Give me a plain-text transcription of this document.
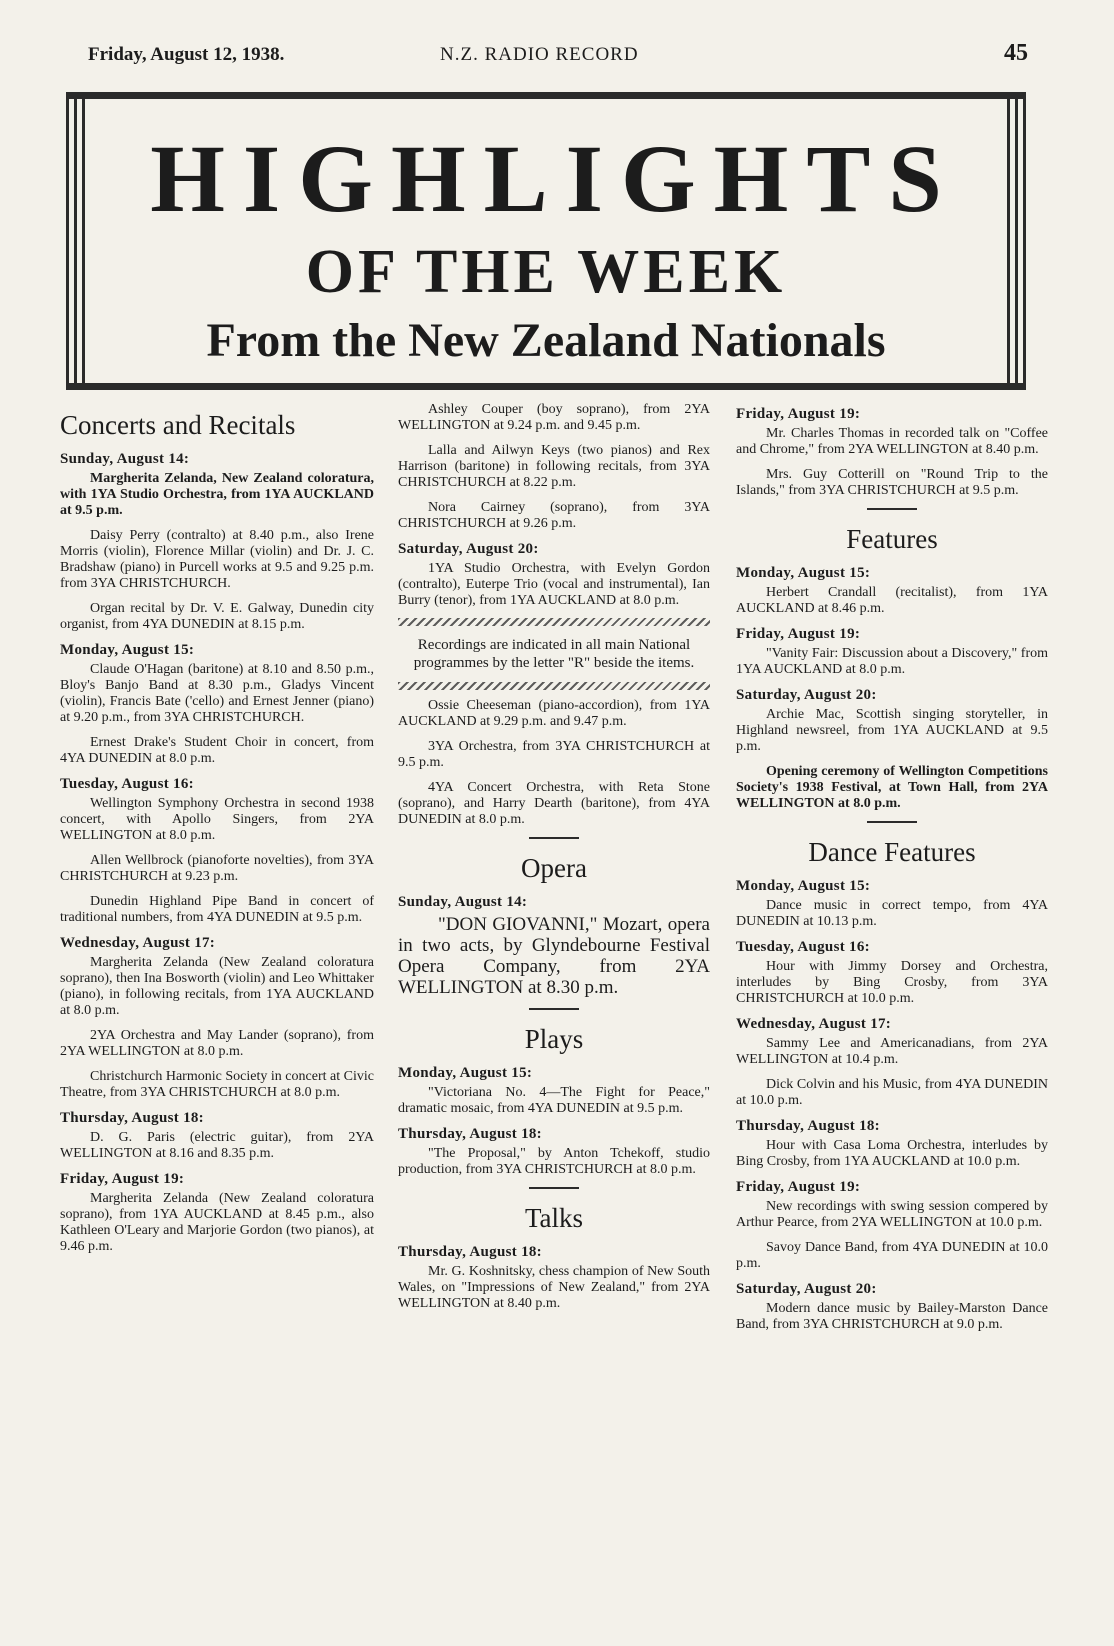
Friday, August 12, 1938.	N.Z. RADIO RECORD	45
HIGHLIGHTS
OF THE WEEK
From the New Zealand Nationals
Concerts and Recitals
Sunday, August 14:

Margherita Zelanda, New Zealand coloratura, with 1YA Studio Orchestra, from 1YA AUCKLAND at 9.5 p.m.

Daisy Perry (contralto) at 8.40 p.m., also Irene Morris (violin), Florence Millar (violin) and Dr. J. C. Bradshaw (piano) in Purcell works at 9.5 and 9.25 p.m. from 3YA CHRISTCHURCH.

Organ recital by Dr. V. E. Galway, Dunedin city organist, from 4YA DUNEDIN at 8.15 p.m.

Monday, August 15:

Claude O'Hagan (baritone) at 8.10 and 8.50 p.m., Bloy's Banjo Band at 8.30 p.m., Gladys Vincent (violin), Francis Bate ('cello) and Ernest Jenner (piano) at 9.20 p.m., from 3YA CHRISTCHURCH.

Ernest Drake's Student Choir in concert, from 4YA DUNEDIN at 8.0 p.m.

Tuesday, August 16:

Wellington Symphony Orchestra in second 1938 concert, with Apollo Singers, from 2YA WELLINGTON at 8.0 p.m.

Allen Wellbrock (pianoforte novelties), from 3YA CHRISTCHURCH at 9.23 p.m.

Dunedin Highland Pipe Band in concert of traditional numbers, from 4YA DUNEDIN at 9.5 p.m.

Wednesday, August 17:

Margherita Zelanda (New Zealand coloratura soprano), then Ina Bosworth (violin) and Leo Whittaker (piano), in following recitals, from 1YA AUCKLAND at 8.0 p.m.

2YA Orchestra and May Lander (soprano), from 2YA WELLINGTON at 8.0 p.m.

Christchurch Harmonic Society in concert at Civic Theatre, from 3YA CHRISTCHURCH at 8.0 p.m.

Thursday, August 18:

D. G. Paris (electric guitar), from 2YA WELLINGTON at 8.16 and 8.35 p.m.

Friday, August 19:

Margherita Zelanda (New Zealand coloratura soprano), from 1YA AUCKLAND at 8.45 p.m., also Kathleen O'Leary and Marjorie Gordon (two pianos), at 9.46 p.m.

Ashley Couper (boy soprano), from 2YA WELLINGTON at 9.24 p.m. and 9.45 p.m.

Lalla and Ailwyn Keys (two pianos) and Rex Harrison (baritone) in following recitals, from 3YA CHRISTCHURCH at 8.22 p.m.

Nora Cairney (soprano), from 3YA CHRISTCHURCH at 9.26 p.m.

Saturday, August 20:

1YA Studio Orchestra, with Evelyn Gordon (contralto), Euterpe Trio (vocal and instrumental), Ian Burry (tenor), from 1YA AUCKLAND at 8.0 p.m.

Recordings are indicated in all main National programmes by the letter "R" beside the items.

Ossie Cheeseman (piano-accordion), from 1YA AUCKLAND at 9.29 p.m. and 9.47 p.m.

3YA Orchestra, from 3YA CHRISTCHURCH at 9.5 p.m.

4YA Concert Orchestra, with Reta Stone (soprano), and Harry Dearth (baritone), from 4YA DUNEDIN at 8.0 p.m.

Opera
Sunday, August 14:

"DON GIOVANNI," Mozart, opera in two acts, by Glyndebourne Festival Opera Company, from 2YA WELLINGTON at 8.30 p.m.

Plays
Monday, August 15:

"Victoriana No. 4—The Fight for Peace," dramatic mosaic, from 4YA DUNEDIN at 9.5 p.m.

Thursday, August 18:

"The Proposal," by Anton Tchekoff, studio production, from 3YA CHRISTCHURCH at 8.0 p.m.

Talks
Thursday, August 18:

Mr. G. Koshnitsky, chess champion of New South Wales, on "Impressions of New Zealand," from 2YA WELLINGTON at 8.40 p.m.

Friday, August 19:

Mr. Charles Thomas in recorded talk on "Coffee and Chrome," from 2YA WELLINGTON at 8.40 p.m.

Mrs. Guy Cotterill on "Round Trip to the Islands," from 3YA CHRISTCHURCH at 9.5 p.m.

Features
Monday, August 15:

Herbert Crandall (recitalist), from 1YA AUCKLAND at 8.46 p.m.

Friday, August 19:

"Vanity Fair: Discussion about a Discovery," from 1YA AUCKLAND at 8.0 p.m.

Saturday, August 20:

Archie Mac, Scottish singing storyteller, in Highland newsreel, from 1YA AUCKLAND at 9.5 p.m.

Opening ceremony of Wellington Competitions Society's 1938 Festival, at Town Hall, from 2YA WELLINGTON at 8.0 p.m.

Dance Features
Monday, August 15:

Dance music in correct tempo, from 4YA DUNEDIN at 10.13 p.m.

Tuesday, August 16:

Hour with Jimmy Dorsey and Orchestra, interludes by Bing Crosby, from 3YA CHRISTCHURCH at 10.0 p.m.

Wednesday, August 17:

Sammy Lee and Americanadians, from 2YA WELLINGTON at 10.4 p.m.

Dick Colvin and his Music, from 4YA DUNEDIN at 10.0 p.m.

Thursday, August 18:

Hour with Casa Loma Orchestra, interludes by Bing Crosby, from 1YA AUCKLAND at 10.0 p.m.

Friday, August 19:

New recordings with swing session compered by Arthur Pearce, from 2YA WELLINGTON at 10.0 p.m.

Savoy Dance Band, from 4YA DUNEDIN at 10.0 p.m.

Saturday, August 20:

Modern dance music by Bailey-Marston Dance Band, from 3YA CHRISTCHURCH at 9.0 p.m.
